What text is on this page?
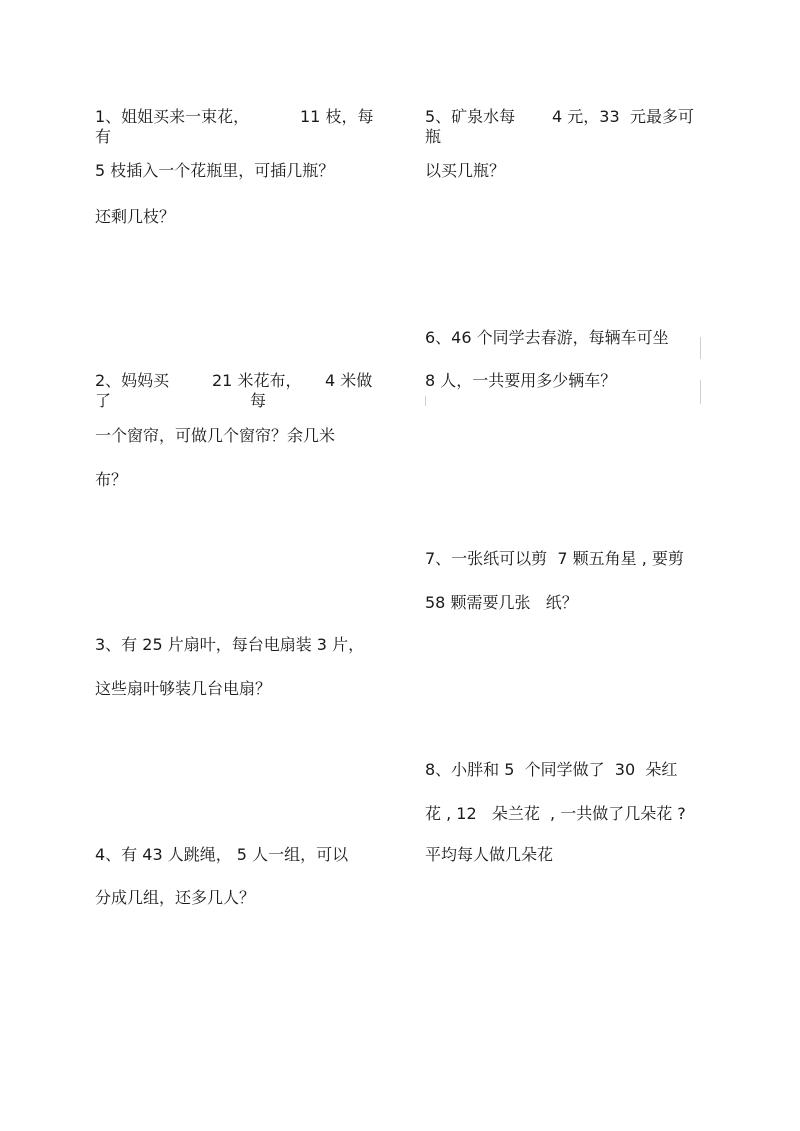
1、姐姐买来一束花，	11 枝，每
有
5 枝插入一个花瓶里，可插几瓶？
还剩几枝？
2、妈妈买	21 米花布， 4 米做
了	每
一个窗帘，可做几个窗帘？余几米
布？
3、有 25 片扇叶，每台电扇装 3 片，
这些扇叶够装几台电扇？
4、有 43 人跳绳， 5 人一组，可以
分成几组，还多几人？
5、矿泉水每 4 元，33 元最多可
瓶
以买几瓶？
6、46 个同学去春游，每辆车可坐
8 人，一共要用多少辆车？
7、一张纸可以剪  7 颗五角星 , 要剪
58 颗需要几张   纸？
8、小胖和 5  个同学做了  30  朵红
花 , 12   朵兰花  , 一共做了几朵花 ?
平均每人做几朵花
